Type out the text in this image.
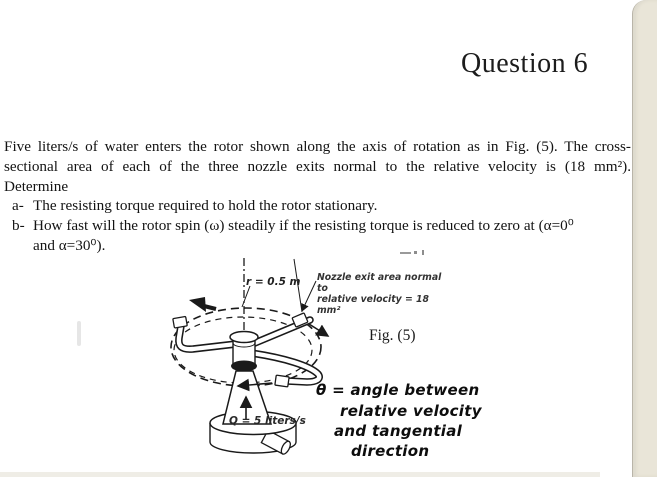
Question 6
Five liters/s of water enters the rotor shown along the axis of rotation as in Fig. (5). The cross-
sectional area of each of the three nozzle exits normal to the relative velocity is (18 mm²).
Determine
a- The resisting torque required to hold the rotor stationary.
b- How fast will the rotor spin (ω) steadily if the resisting torque is reduced to zero at (α=0⁰
and α=30⁰).
r = 0.5 m Nozzle exit area normal to
relative velocity = 18 mm²
Fig. (5)
Q = 5 liters/s
θ = angle between
relative velocity
and tangential
direction
